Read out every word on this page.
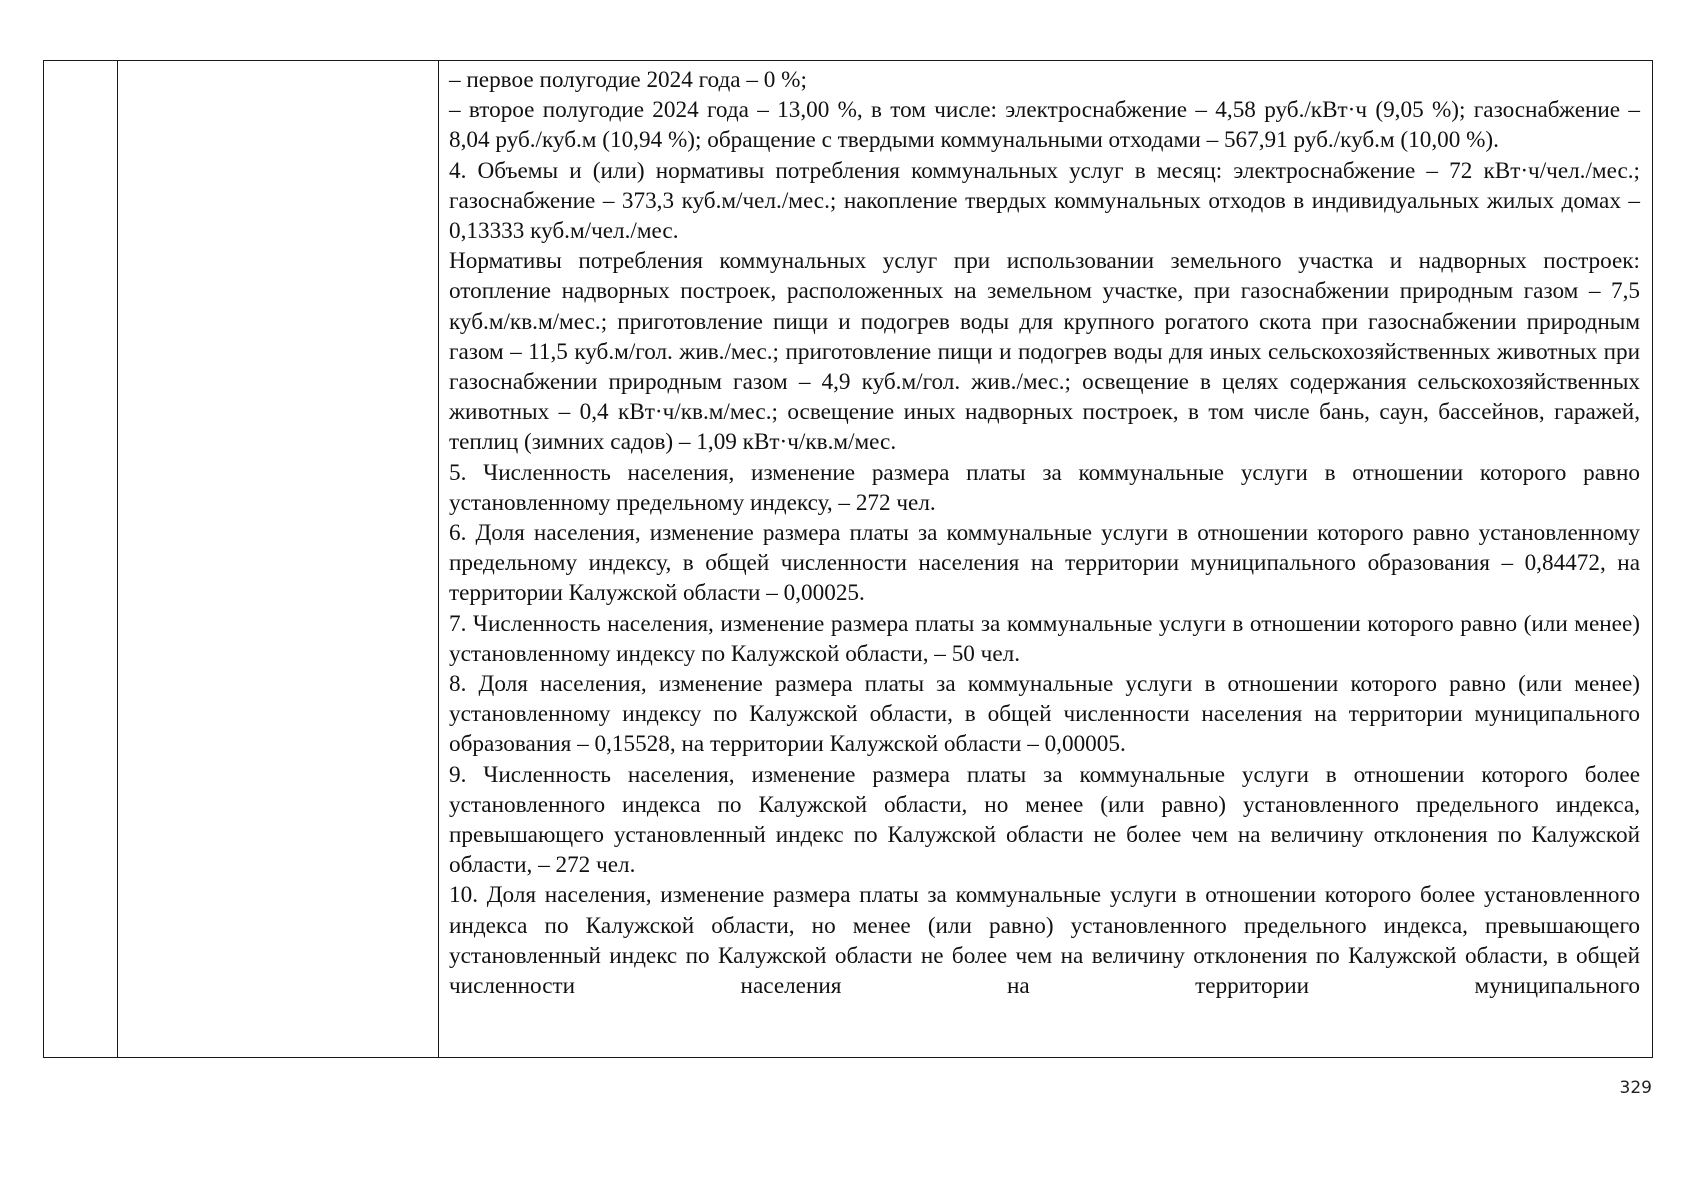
– первое полугодие 2024 года – 0 %;

– второе полугодие 2024 года – 13,00 %, в том числе: электроснабжение – 4,58 руб./кВт·ч (9,05 %); газоснабжение – 8,04 руб./куб.м (10,94 %); обращение с твердыми коммунальными отходами – 567,91 руб./куб.м (10,00 %).

4. Объемы и (или) нормативы потребления коммунальных услуг в месяц: электроснабжение – 72 кВт·ч/чел./мес.; газоснабжение – 373,3 куб.м/чел./мес.; накопление твердых коммунальных отходов в индивидуальных жилых домах – 0,13333 куб.м/чел./мес.

Нормативы потребления коммунальных услуг при использовании земельного участка и надворных построек: отопление надворных построек, расположенных на земельном участке, при газоснабжении природным газом – 7,5 куб.м/кв.м/мес.; приготовление пищи и подогрев воды для крупного рогатого скота при газоснабжении природным газом – 11,5 куб.м/гол. жив./мес.; приготовление пищи и подогрев воды для иных сельскохозяйственных животных при газоснабжении природным газом – 4,9 куб.м/гол. жив./мес.; освещение в целях содержания сельскохозяйственных животных – 0,4 кВт·ч/кв.м/мес.; освещение иных надворных построек, в том числе бань, саун, бассейнов, гаражей, теплиц (зимних садов) – 1,09 кВт·ч/кв.м/мес.

5. Численность населения, изменение размера платы за коммунальные услуги в отношении которого равно установленному предельному индексу, – 272 чел.

6. Доля населения, изменение размера платы за коммунальные услуги в отношении которого равно установленному предельному индексу, в общей численности населения на территории муниципального образования – 0,84472, на территории Калужской области – 0,00025.

7. Численность населения, изменение размера платы за коммунальные услуги в отношении которого равно (или менее) установленному индексу по Калужской области, – 50 чел.

8. Доля населения, изменение размера платы за коммунальные услуги в отношении которого равно (или менее) установленному индексу по Калужской области, в общей численности населения на территории муниципального образования – 0,15528, на территории Калужской области – 0,00005.

9. Численность населения, изменение размера платы за коммунальные услуги в отношении которого более установленного индекса по Калужской области, но менее (или равно) установленного предельного индекса, превышающего установленный индекс по Калужской области не более чем на величину отклонения по Калужской области, – 272 чел.

10. Доля населения, изменение размера платы за коммунальные услуги в отношении которого более установленного индекса по Калужской области, но менее (или равно) установленного предельного индекса, превышающего установленный индекс по Калужской области не более чем на величину отклонения по Калужской области, в общей численности населения на территории муниципального

329
